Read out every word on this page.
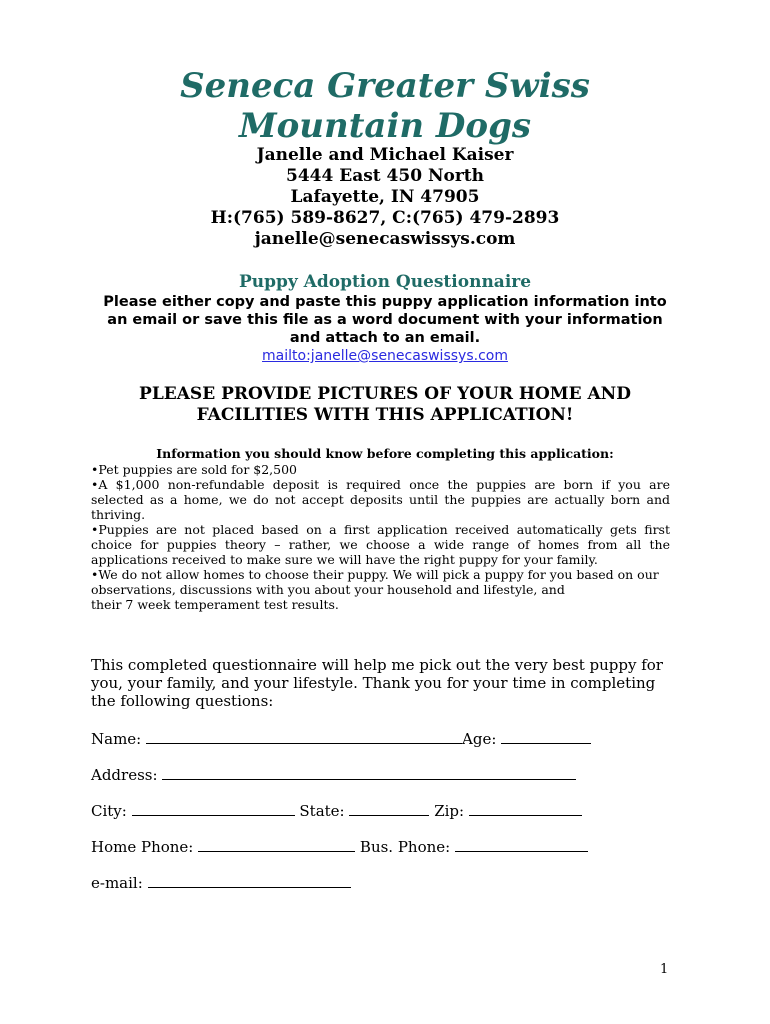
Seneca Greater Swiss
Mountain Dogs
Janelle and Michael Kaiser
5444 East 450 North
Lafayette, IN 47905
H:(765) 589-8627, C:(765) 479-2893
janelle@senecaswissys.com
Puppy Adoption Questionnaire
Please either copy and paste this puppy application information into an email or save this file as a word document with your information and attach to an email.
mailto:janelle@senecaswissys.com
PLEASE PROVIDE PICTURES OF YOUR HOME AND FACILITIES WITH THIS APPLICATION!
Information you should know before completing this application:

•Pet puppies are sold for $2,500

•A $1,000 non-refundable deposit is required once the puppies are born if you are selected as a home, we do not accept deposits until the puppies are actually born and thriving.

•Puppies are not placed based on a first application received automatically gets first choice for puppies theory – rather, we choose a wide range of homes from all the applications received to make sure we will have the right puppy for your family.

•We do not allow homes to choose their puppy. We will pick a puppy for you based on our observations, discussions with you about your household and lifestyle, and

their 7 week temperament test results.

This completed questionnaire will help me pick out the very best puppy for you, your family, and your lifestyle. Thank you for your time in completing the following questions:
Name:	Age:
Address:
City:	State:	Zip:
Home Phone:	Bus. Phone:
e-mail:
1
